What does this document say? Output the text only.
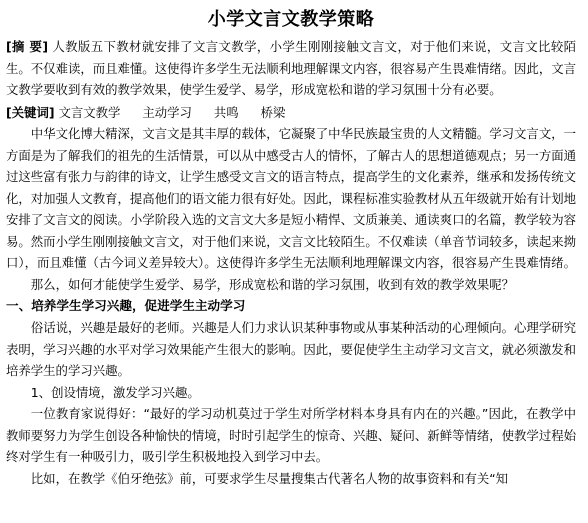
小学文言文教学策略

[摘 要] 人教版五下教材就安排了文言文教学，小学生刚刚接触文言文，对于他们来说，文言文比较陌生。不仅难读，而且难懂。这使得许多学生无法顺利地理解课文内容，很容易产生畏难情绪。因此，文言文教学要收到有效的教学效果，使学生爱学、易学，形成宽松和谐的学习氛围十分有必要。

[关键词] 文言文教学 主动学习 共鸣 桥梁

中华文化博大精深，文言文是其丰厚的载体，它凝聚了中华民族最宝贵的人文精髓。学习文言文，一方面是为了解我们的祖先的生活情景，可以从中感受古人的情怀，了解古人的思想道德观点；另一方面通过这些富有张力与韵律的诗文，让学生感受文言文的语言特点，提高学生的文化素养，继承和发扬传统文化，对加强人文教育，提高他们的语文能力很有好处。因此，课程标准实验教材从五年级就开始有计划地安排了文言文的阅读。小学阶段入选的文言文大多是短小精悍、文质兼美、通读爽口的名篇，教学较为容易。然而小学生刚刚接触文言文，对于他们来说，文言文比较陌生。不仅难读（单音节词较多，读起来拗口），而且难懂（古今词义差异较大）。这使得许多学生无法顺利地理解课文内容，很容易产生畏难情绪。

那么，如何才能使学生爱学、易学，形成宽松和谐的学习氛围，收到有效的教学效果呢？

一、培养学生学习兴趣，促进学生主动学习

俗话说，兴趣是最好的老师。兴趣是人们力求认识某种事物或从事某种活动的心理倾向。心理学研究表明，学习兴趣的水平对学习效果能产生很大的影响。因此，要促使学生主动学习文言文，就必须激发和培养学生的学习兴趣。

1、创设情境，激发学习兴趣。

一位教育家说得好：“最好的学习动机莫过于学生对所学材料本身具有内在的兴趣。”因此，在教学中教师要努力为学生创设各种愉快的情境，时时引起学生的惊奇、兴趣、疑问、新鲜等情绪，使教学过程始终对学生有一种吸引力，吸引学生积极地投入到学习中去。

比如，在教学《伯牙绝弦》前，可要求学生尽量搜集古代著名人物的故事资料和有关“知
